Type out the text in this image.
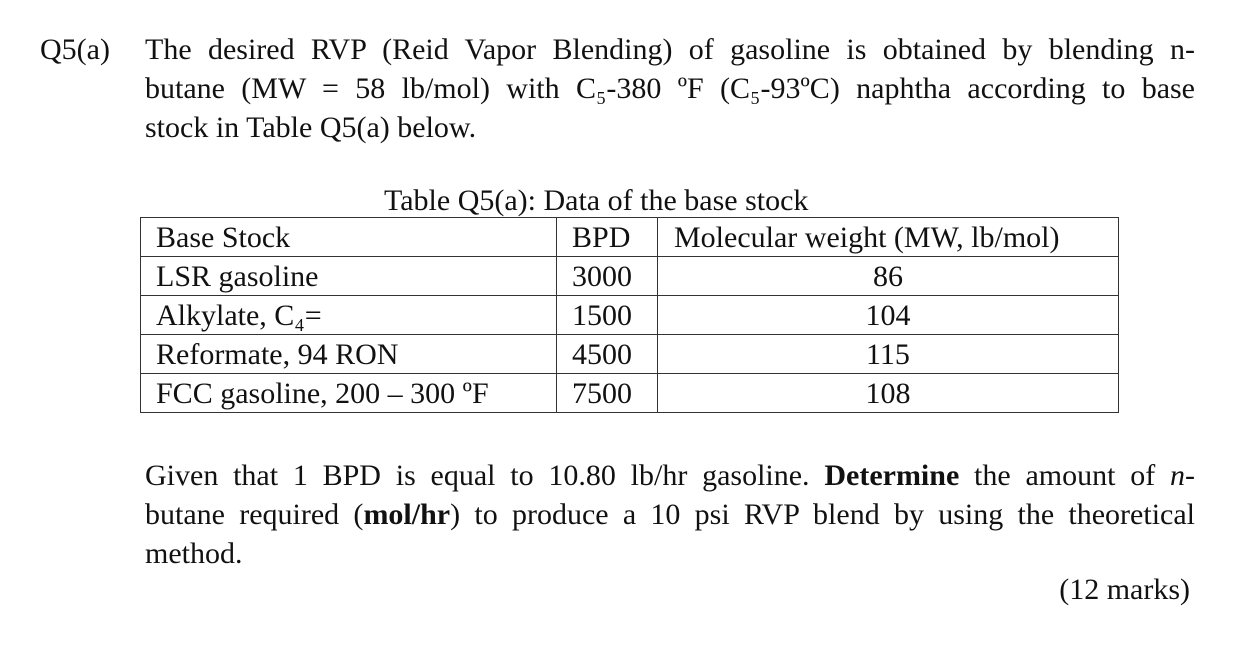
Q5(a) The desired RVP (Reid Vapor Blending) of gasoline is obtained by blending n-
butane (MW = 58 lb/mol) with C₅-380 ºF (C₅-93ºC) naphtha according to base
stock in Table Q5(a) below.
Table Q5(a): Data of the base stock
Base Stock	BPD	Molecular weight (MW, lb/mol)
LSR gasoline	3000	86
Alkylate, C₄=	1500	104
Reformate, 94 RON	4500	115
FCC gasoline, 200 – 300 ºF	7500	108
Given that 1 BPD is equal to 10.80 lb/hr gasoline. Determine the amount of n-
butane required (mol/hr) to produce a 10 psi RVP blend by using the theoretical
method.
(12 marks)
